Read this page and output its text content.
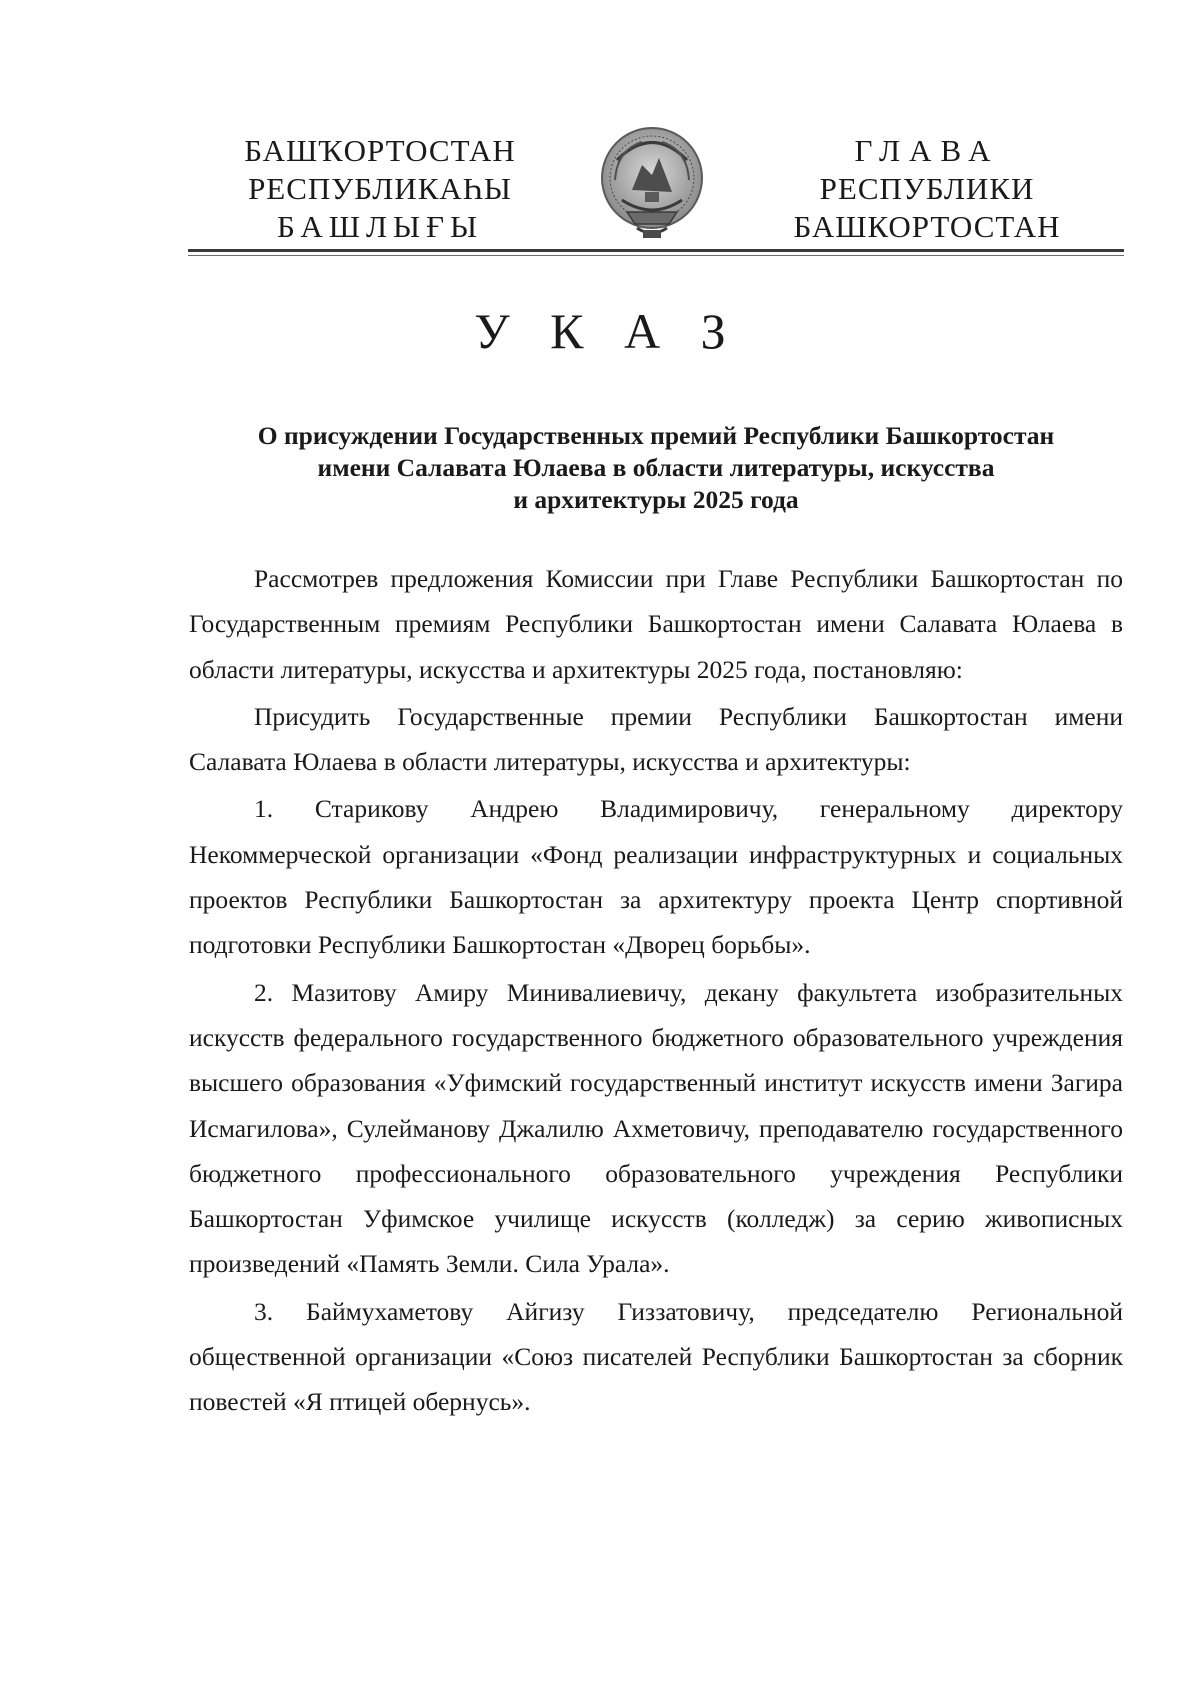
БАШҠОРТОСТАН
РЕСПУБЛИКАҺЫ
БАШЛЫҒЫ
ГЛАВА
РЕСПУБЛИКИ
БАШКОРТОСТАН
У К А З
О присуждении Государственных премий Республики Башкортостан
имени Салавата Юлаева в области литературы, искусства
и архитектуры 2025 года

Рассмотрев предложения Комиссии при Главе Республики Башкортостан по Государственным премиям Республики Башкортостан имени Салавата Юлаева в области литературы, искусства и архитектуры 2025 года, постановляю:

Присудить Государственные премии Республики Башкортостан имени Салавата Юлаева в области литературы, искусства и архитектуры:

1. Старикову Андрею Владимировичу, генеральному директору Некоммерческой организации «Фонд реализации инфраструктурных и социальных проектов Республики Башкортостан за архитектуру проекта Центр спортивной подготовки Республики Башкортостан «Дворец борьбы».

2. Мазитову Амиру Минивалиевичу, декану факультета изобразительных искусств федерального государственного бюджетного образовательного учреждения высшего образования «Уфимский государственный институт искусств имени Загира Исмагилова», Сулейманову Джалилю Ахметовичу, преподавателю государственного бюджетного профессионального образовательного учреждения Республики Башкортостан Уфимское училище искусств (колледж) за серию живописных произведений «Память Земли. Сила Урала».

3. Баймухаметову Айгизу Гиззатовичу, председателю Региональной общественной организации «Союз писателей Республики Башкортостан за сборник повестей «Я птицей обернусь».
